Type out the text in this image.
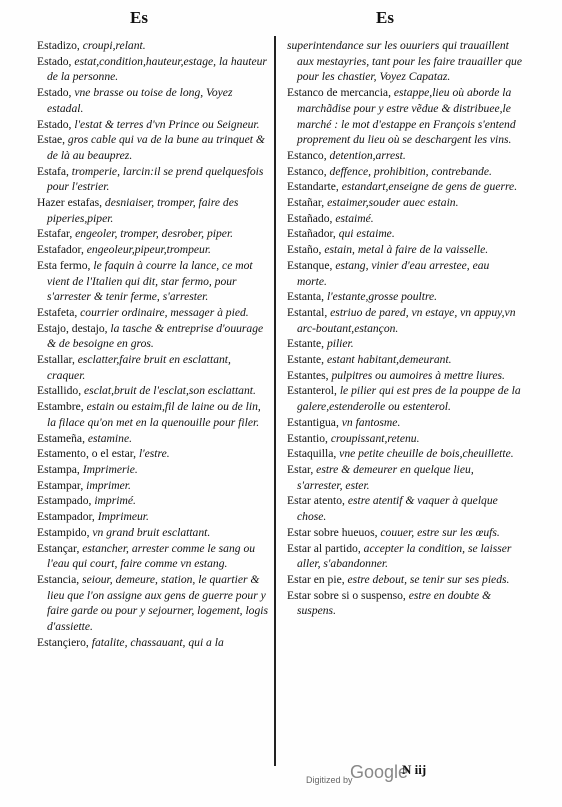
Es	Es
Estadizo, croupi,relant.
Estado, estat,condition,hauteur,estage, la hauteur de la personne.
Estado, vne brasse ou toise de long, Voyez estadal.
Estado, l'estat & terres d'vn Prince ou Seigneur.
Estae, gros cable qui va de la bune au trinquet & de là au beauprez.
Estafa, tromperie, larcin:il se prend quelquesfois pour l'estrier.
Hazer estafas, desniaiser, tromper, faire des piperies,piper.
Estafar, engeoler, tromper, desrober, piper.
Estafador, engeoleur,pipeur,trompeur.
Esta fermo, le faquin à courre la lance, ce mot vient de l'Italien qui dit, star fermo, pour s'arrester & tenir ferme, s'arrester.
Estafeta, courrier ordinaire, messager à pied.
Estajo, destajo, la tasche & entreprise d'ouurage & de besoigne en gros.
Estallar, esclatter,faire bruit en esclattant, craquer.
Estallido, esclat,bruit de l'esclat,son esclattant.
Estambre, estain ou estaim,fil de laine ou de lin, la filace qu'on met en la quenouille pour filer.
Estameña, estamine.
Estamento, o el estar, l'estre.
Estampa, Imprimerie.
Estampar, imprimer.
Estampado, imprimé.
Estampador, Imprimeur.
Estampido, vn grand bruit esclattant.
Estançar, estancher, arrester comme le sang ou l'eau qui court, faire comme vn estang.
Estancia, seiour, demeure, station, le quartier & lieu que l'on assigne aux gens de guerre pour y faire garde ou pour y sejourner, logement, logis d'assiette.
Estançiero, fatalite, chassauant, qui a la
superintendance sur les ouuriers qui trauaillent aux mestayries, tant pour les faire trauailler que pour les chastier, Voyez Capataz.
Estanco de mercancia, estappe,lieu où aborde la marchãdise pour y estre vẽdue & distribuee,le marché : le mot d'estappe en François s'entend proprement du lieu où se deschargent les vins.
Estanco, detention,arrest.
Estanco, deffence, prohibition, contrebande.
Estandarte, estandart,enseigne de gens de guerre.
Estañar, estaimer,souder auec estain.
Estañado, estaimé.
Estañador, qui estaime.
Estaño, estain, metal à faire de la vaisselle.
Estanque, estang, vinier d'eau arrestee, eau morte.
Estanta, l'estante,grosse poultre.
Estantal, estriuo de pared, vn estaye, vn appuy,vn arc-boutant,estançon.
Estante, pilier.
Estante, estant habitant,demeurant.
Estantes, pulpitres ou aumoires à mettre liures.
Estanterol, le pilier qui est pres de la pouppe de la galere,estenderolle ou estenterol.
Estantigua, vn fantosme.
Estantio, croupissant,retenu.
Estaquilla, vne petite cheuille de bois,cheuillette.
Estar, estre & demeurer en quelque lieu, s'arrester, ester.
Estar atento, estre atentif & vaquer à quelque chose.
Estar sobre hueuos, couuer, estre sur les œufs.
Estar al partido, accepter la condition, se laisser aller, s'abandonner.
Estar en pie, estre debout, se tenir sur ses pieds.
Estar sobre si o suspenso, estre en doubte & suspens.
Digitized by
Google
N iij
